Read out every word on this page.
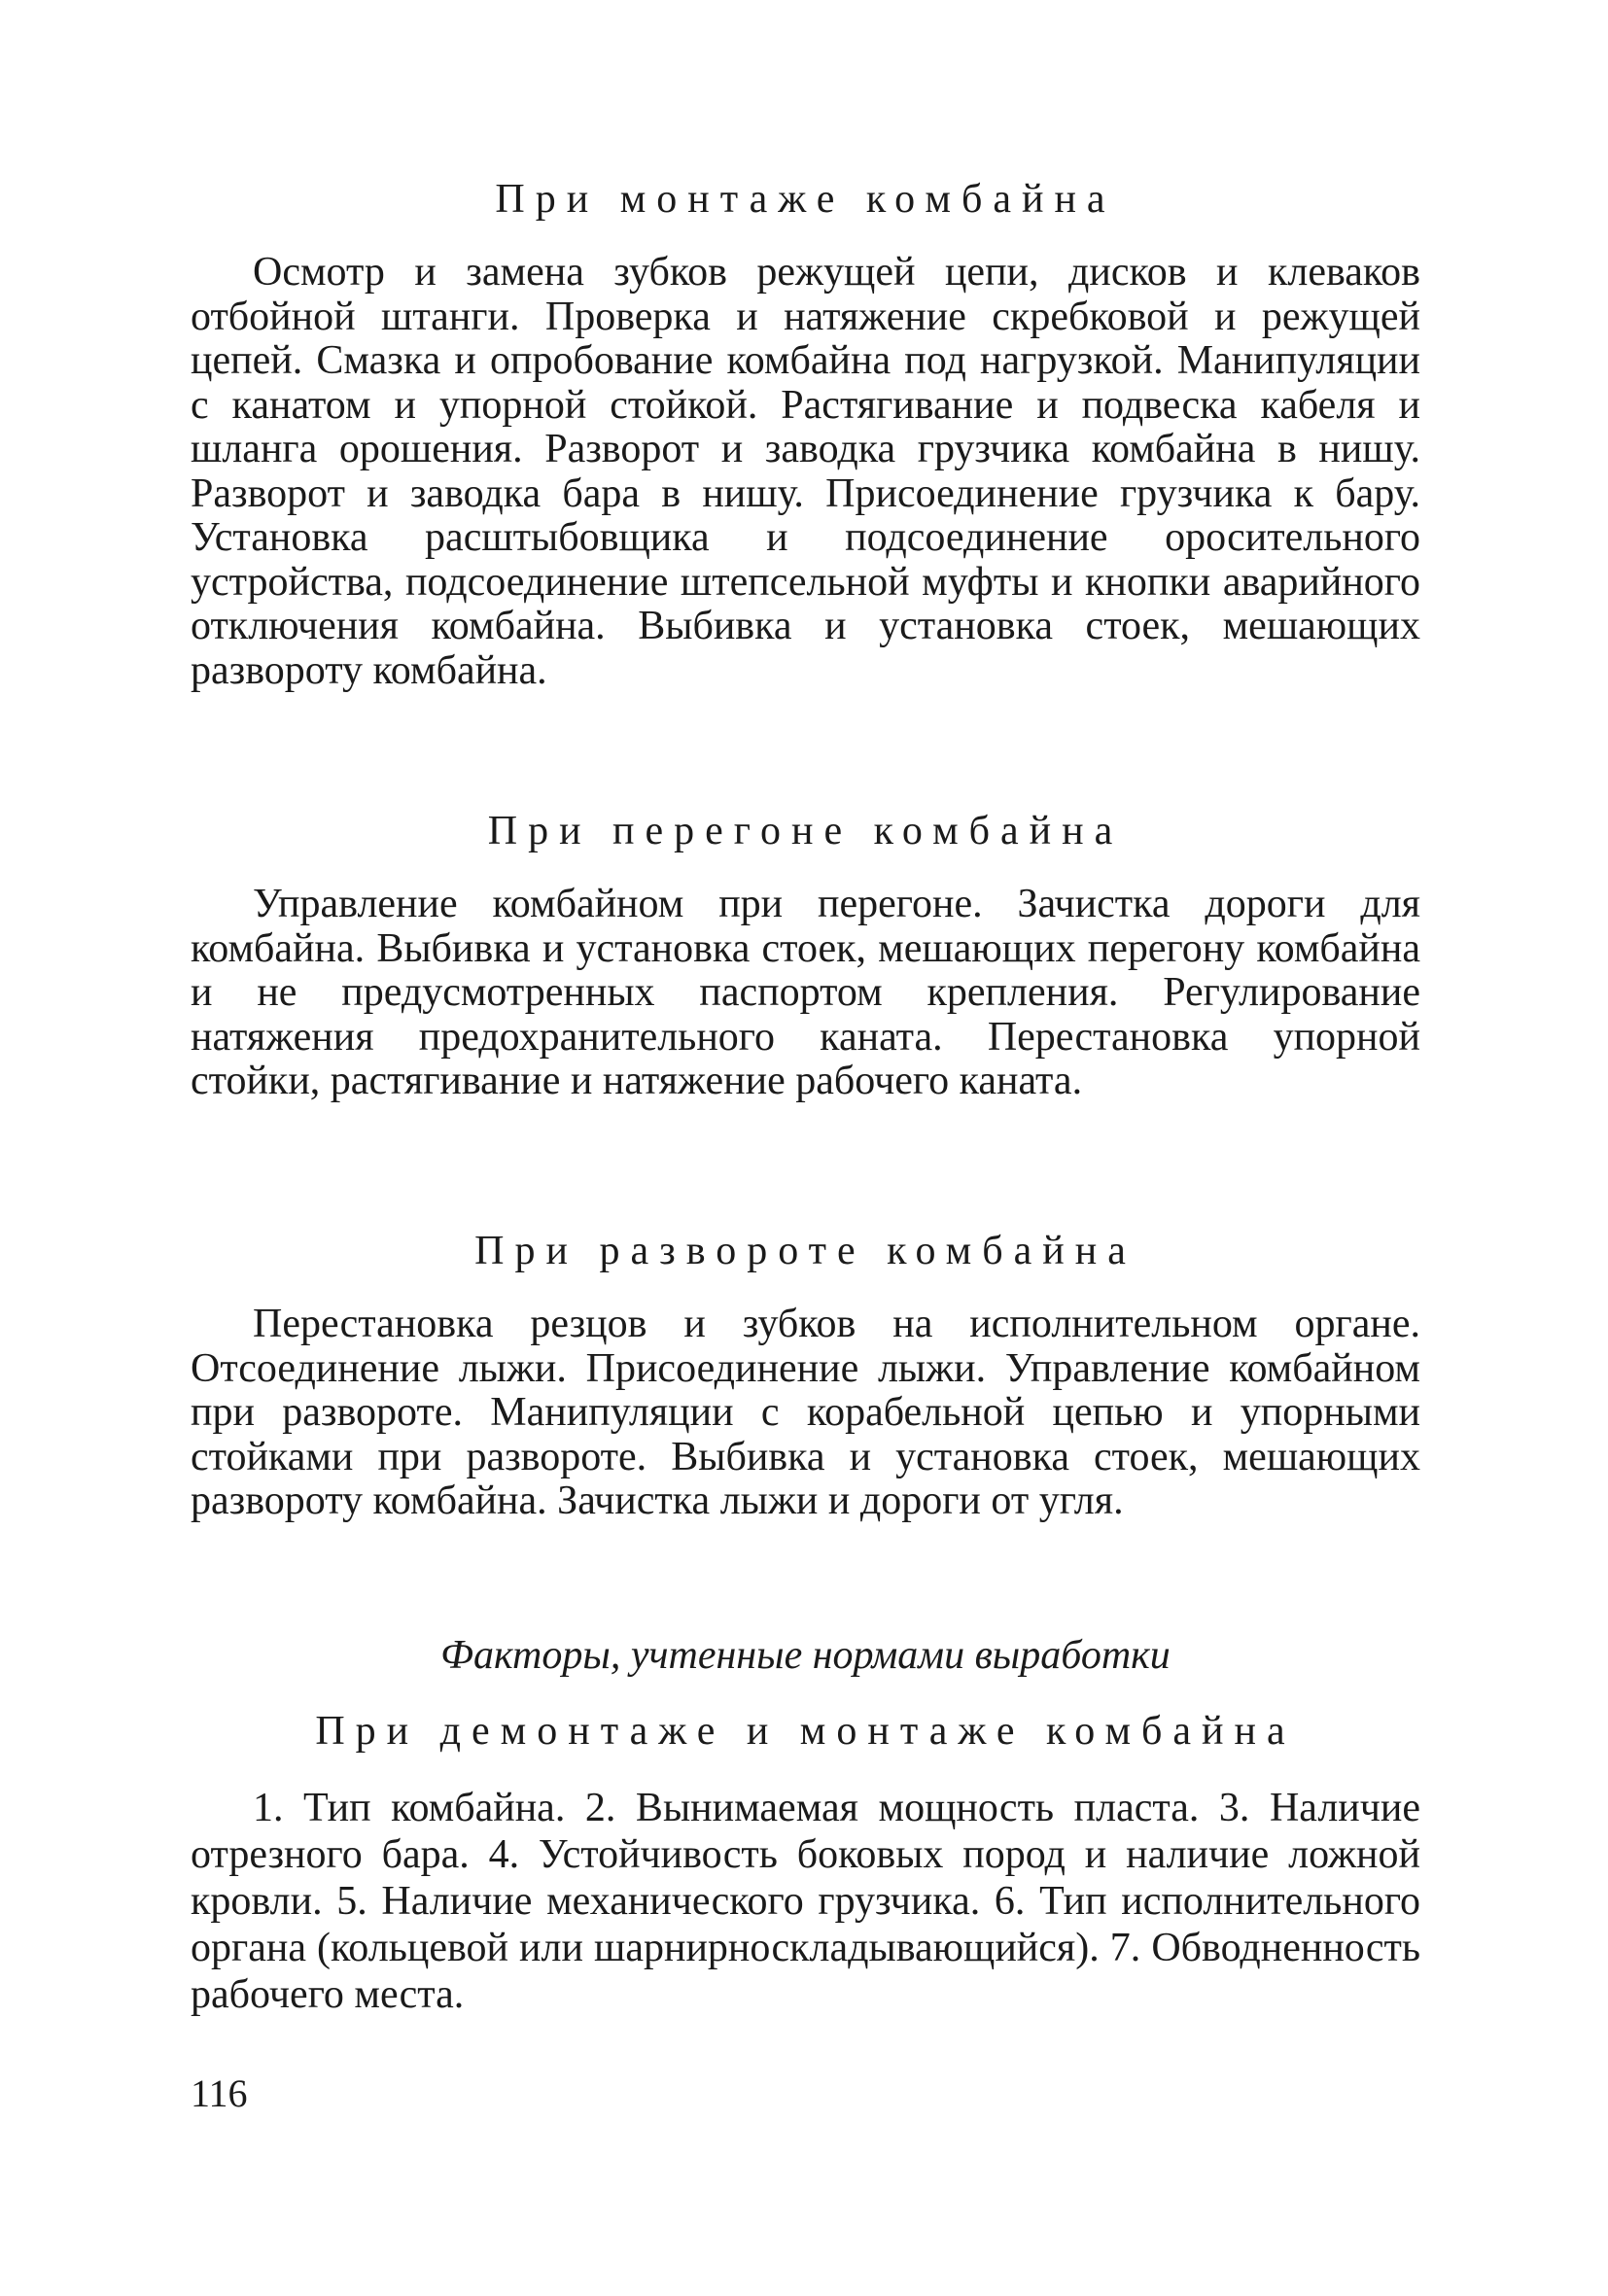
При монтаже комбайна

Осмотр и замена зубков режущей цепи, дисков и клеваков отбойной штанги. Проверка и натяжение скребковой и режущей цепей. Смазка и опробование комбайна под нагрузкой. Манипуляции с канатом и упорной стойкой. Растягивание и подвеска кабеля и шланга орошения. Разворот и заводка грузчика комбайна в нишу. Разворот и заводка бара в нишу. Присоединение грузчика к бару. Установка расштыбовщика и подсоединение оросительного устройства, подсоединение штепсельной муфты и кнопки аварийного отключения комбайна. Выбивка и установка стоек, мешающих развороту комбайна.

При перегоне комбайна

Управление комбайном при перегоне. Зачистка дороги для комбайна. Выбивка и установка стоек, мешающих перегону комбайна и не предусмотренных паспортом крепления. Регулирование натяжения предохранительного каната. Перестановка упорной стойки, растягивание и натяжение рабочего каната.

При развороте комбайна

Перестановка резцов и зубков на исполнительном органе. Отсоединение лыжи. Присоединение лыжи. Управление комбайном при развороте. Манипуляции с корабельной цепью и упорными стойками при развороте. Выбивка и установка стоек, мешающих развороту комбайна. Зачистка лыжи и дороги от угля.

Факторы, учтенные нормами выработки
При демонтаже и монтаже комбайна

1. Тип комбайна. 2. Вынимаемая мощность пласта. 3. Наличие отрезного бара. 4. Устойчивость боковых пород и наличие ложной кровли. 5. Наличие механического грузчика. 6. Тип исполнительного органа (кольцевой или шарнирноскладывающийся). 7. Обводненность рабочего места.

116
